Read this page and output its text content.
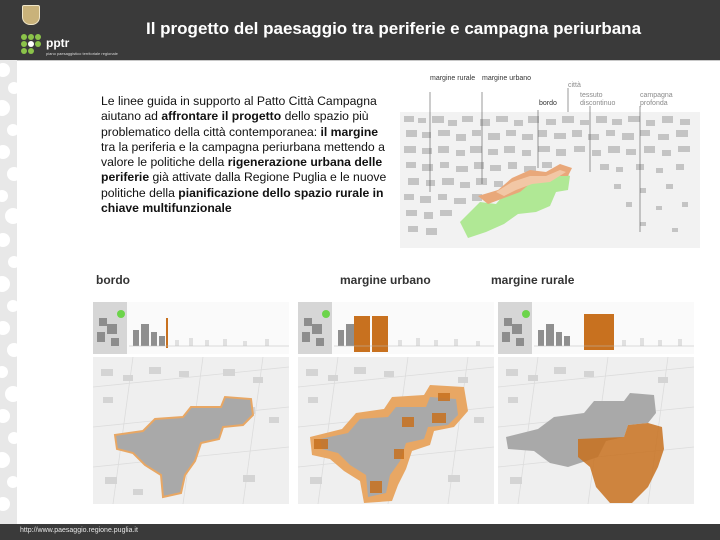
pptr
piano paesaggistico territoriale regionale
Il progetto del paesaggio tra periferie e campagna periurbana
Le linee guida in supporto al Patto Città Campagna aiutano ad affrontare il progetto dello spazio più problematico della città contemporanea: il margine tra la periferia e la campagna periurbana mettendo a valore le politiche della rigenerazione urbana delle periferie già attivate dalla Regione Puglia e le nuove politiche della pianificazione dello spazio rurale in chiave multifunzionale
margine rurale margine urbano
bordo
città
tessuto discontinuo
campagna profonda
bordo	margine urbano	margine rurale
http://www.paesaggio.regione.puglia.it
